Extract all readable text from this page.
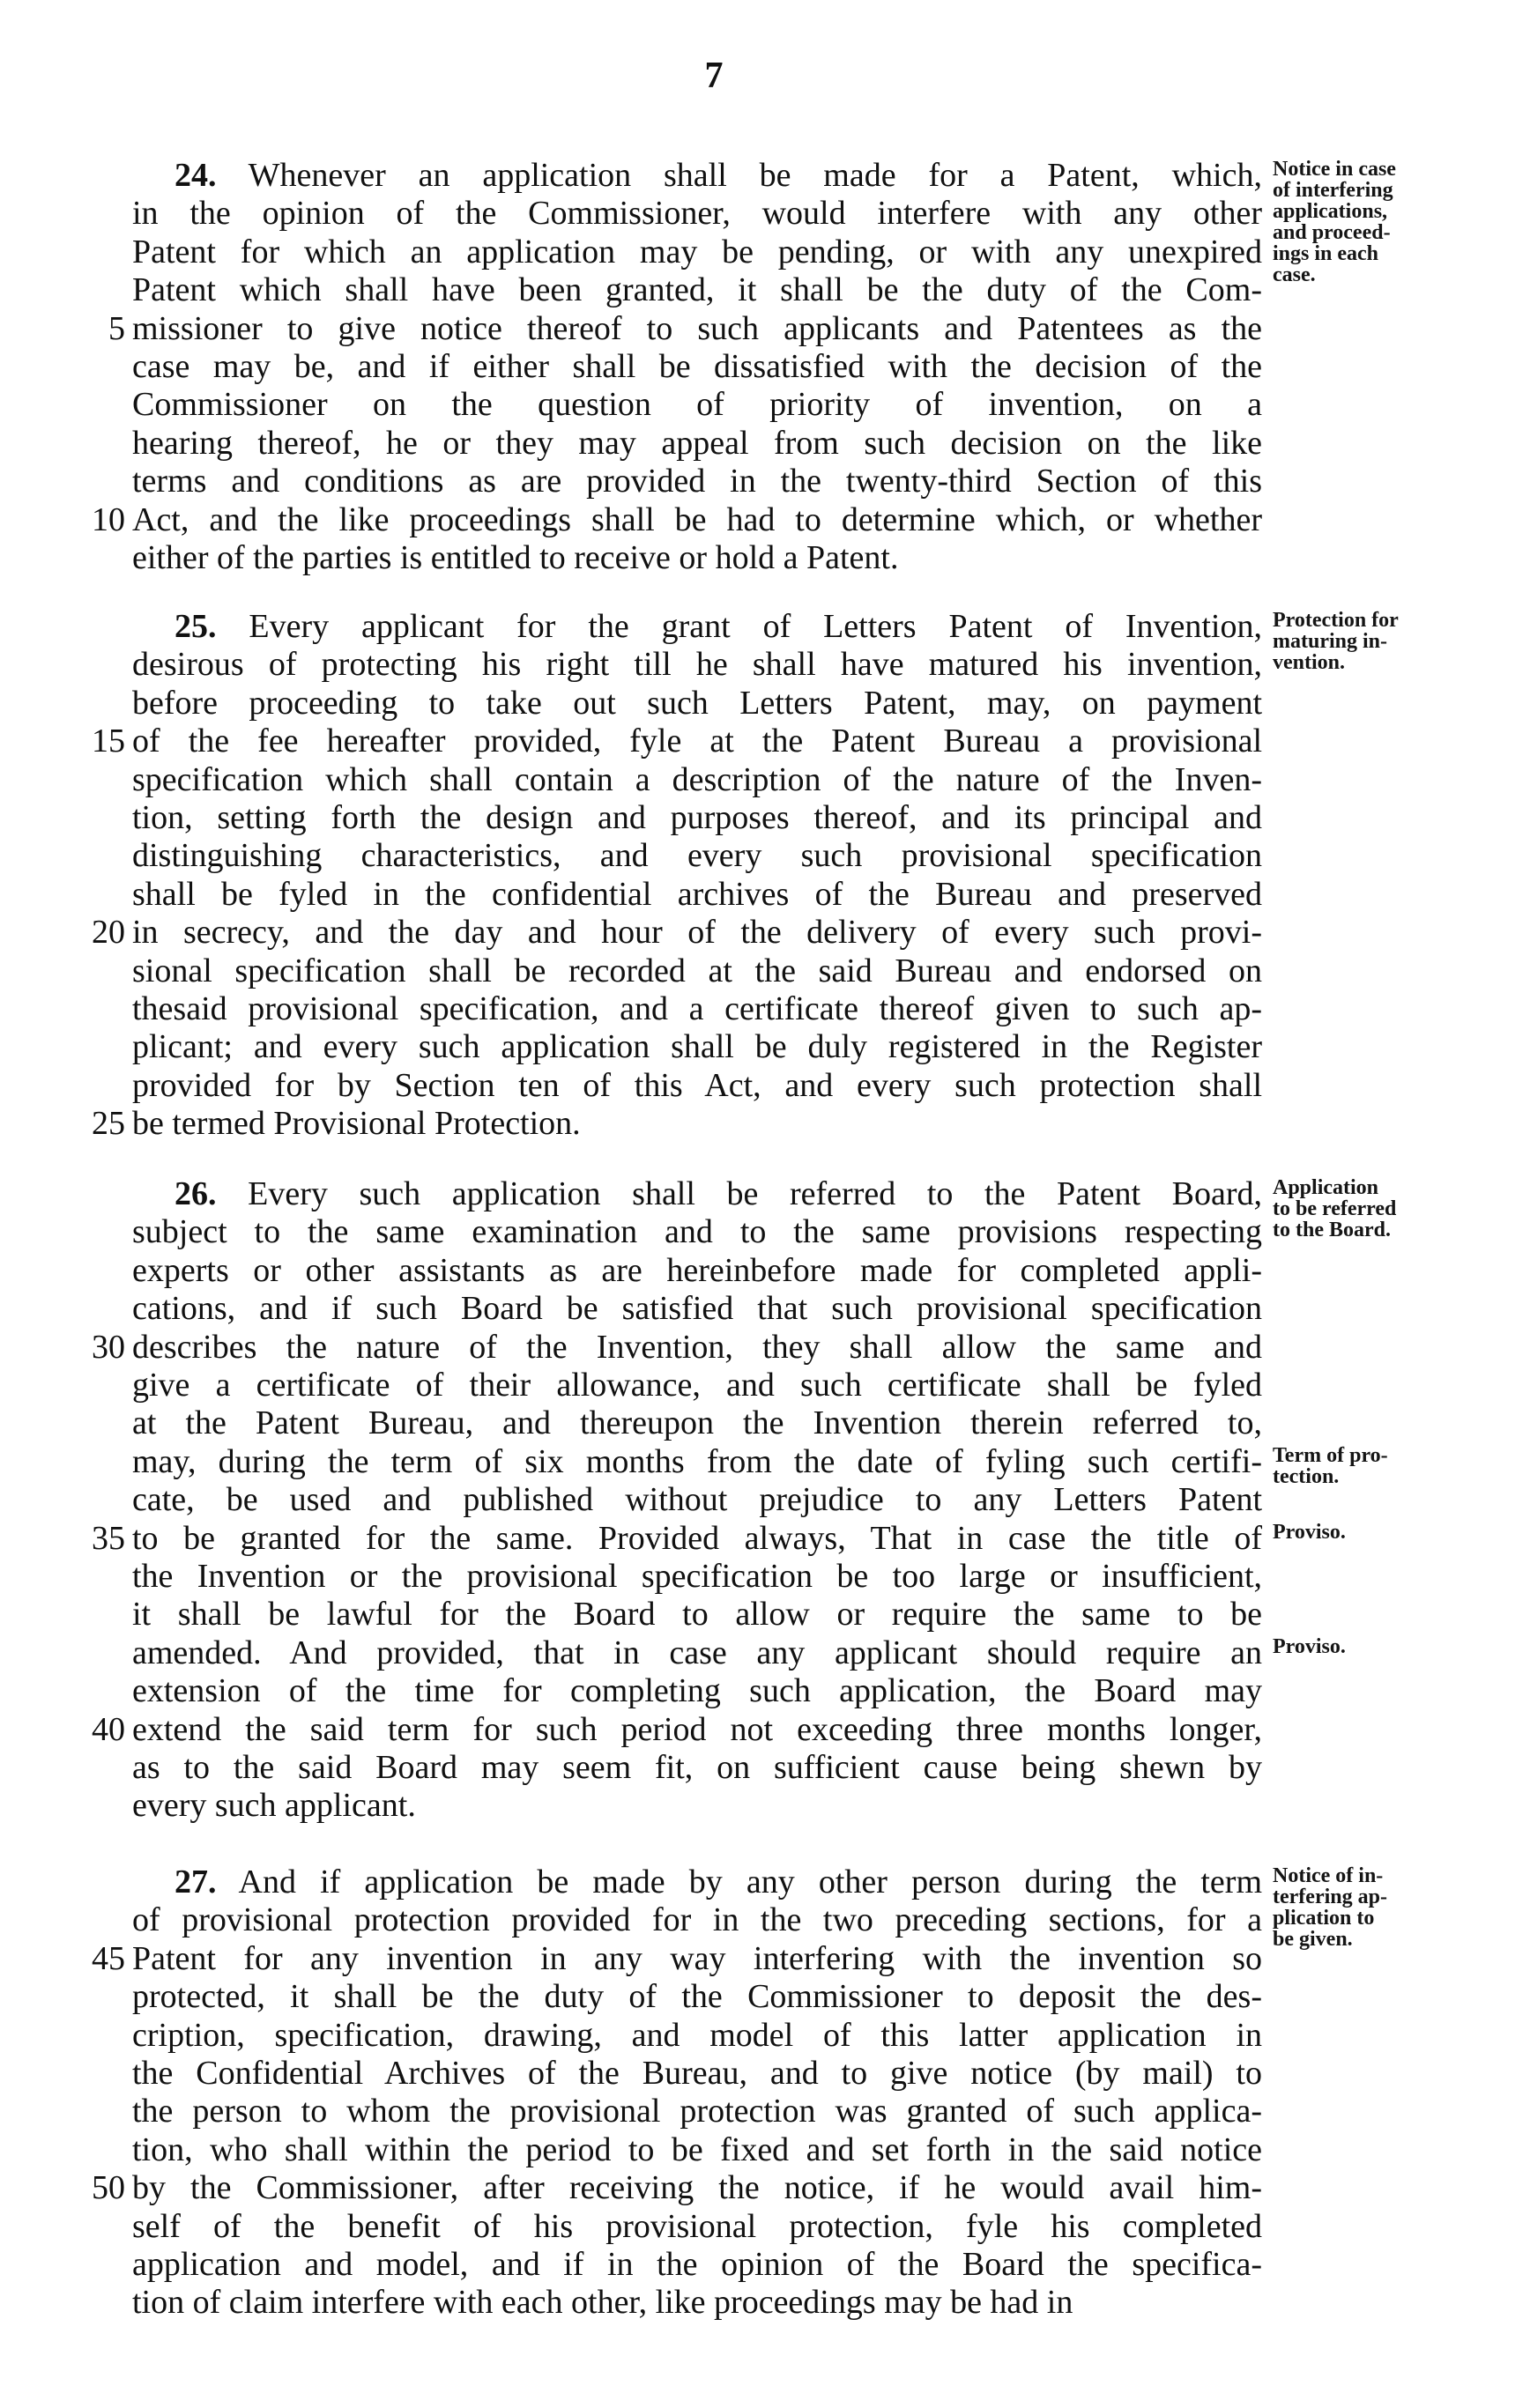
7
24. Whenever an application shall be made for a Patent, which,
in the opinion of the Commissioner, would interfere with any other
Patent for which an application may be pending, or with any unexpired
Patent which shall have been granted, it shall be the duty of the Com-
5 missioner to give notice thereof to such applicants and Patentees as the
case may be, and if either shall be dissatisfied with the decision of the
Commissioner on the question of priority of invention, on a
hearing thereof, he or they may appeal from such decision on the like
terms and conditions as are provided in the twenty-third Section of this
10 Act, and the like proceedings shall be had to determine which, or whether
either of the parties is entitled to receive or hold a Patent.
Notice in case
of interfering
applications,
and proceed-
ings in each
case.
25. Every applicant for the grant of Letters Patent of Invention,
desirous of protecting his right till he shall have matured his invention,
before proceeding to take out such Letters Patent, may, on payment
15 of the fee hereafter provided, fyle at the Patent Bureau a provisional
specification which shall contain a description of the nature of the Inven-
tion, setting forth the design and purposes thereof, and its principal and
distinguishing characteristics, and every such provisional specification
shall be fyled in the confidential archives of the Bureau and preserved
20 in secrecy, and the day and hour of the delivery of every such provi-
sional specification shall be recorded at the said Bureau and endorsed on
thesaid provisional specification, and a certificate thereof given to such ap-
plicant; and every such application shall be duly registered in the Register
provided for by Section ten of this Act, and every such protection shall
25 be termed Provisional Protection.
Protection for
maturing in-
vention.
26. Every such application shall be referred to the Patent Board,
subject to the same examination and to the same provisions respecting
experts or other assistants as are hereinbefore made for completed appli-
cations, and if such Board be satisfied that such provisional specification
30 describes the nature of the Invention, they shall allow the same and
give a certificate of their allowance, and such certificate shall be fyled
at the Patent Bureau, and thereupon the Invention therein referred to,
may, during the term of six months from the date of fyling such certifi-
cate, be used and published without prejudice to any Letters Patent
35 to be granted for the same. Provided always, That in case the title of
the Invention or the provisional specification be too large or insufficient,
it shall be lawful for the Board to allow or require the same to be
amended. And provided, that in case any applicant should require an
extension of the time for completing such application, the Board may
40 extend the said term for such period not exceeding three months longer,
as to the said Board may seem fit, on sufficient cause being shewn by
every such applicant.
Application
to be referred
to the Board.
Term of pro-
tection.
Proviso.
Proviso.
27. And if application be made by any other person during the term
of provisional protection provided for in the two preceding sections, for a
45 Patent for any invention in any way interfering with the invention so
protected, it shall be the duty of the Commissioner to deposit the des-
cription, specification, drawing, and model of this latter application in
the Confidential Archives of the Bureau, and to give notice (by mail) to
the person to whom the provisional protection was granted of such applica-
tion, who shall within the period to be fixed and set forth in the said notice
50 by the Commissioner, after receiving the notice, if he would avail him-
self of the benefit of his provisional protection, fyle his completed
application and model, and if in the opinion of the Board the specifica-
tion of claim interfere with each other, like proceedings may be had in
Notice of in-
terfering ap-
plication to
be given.
